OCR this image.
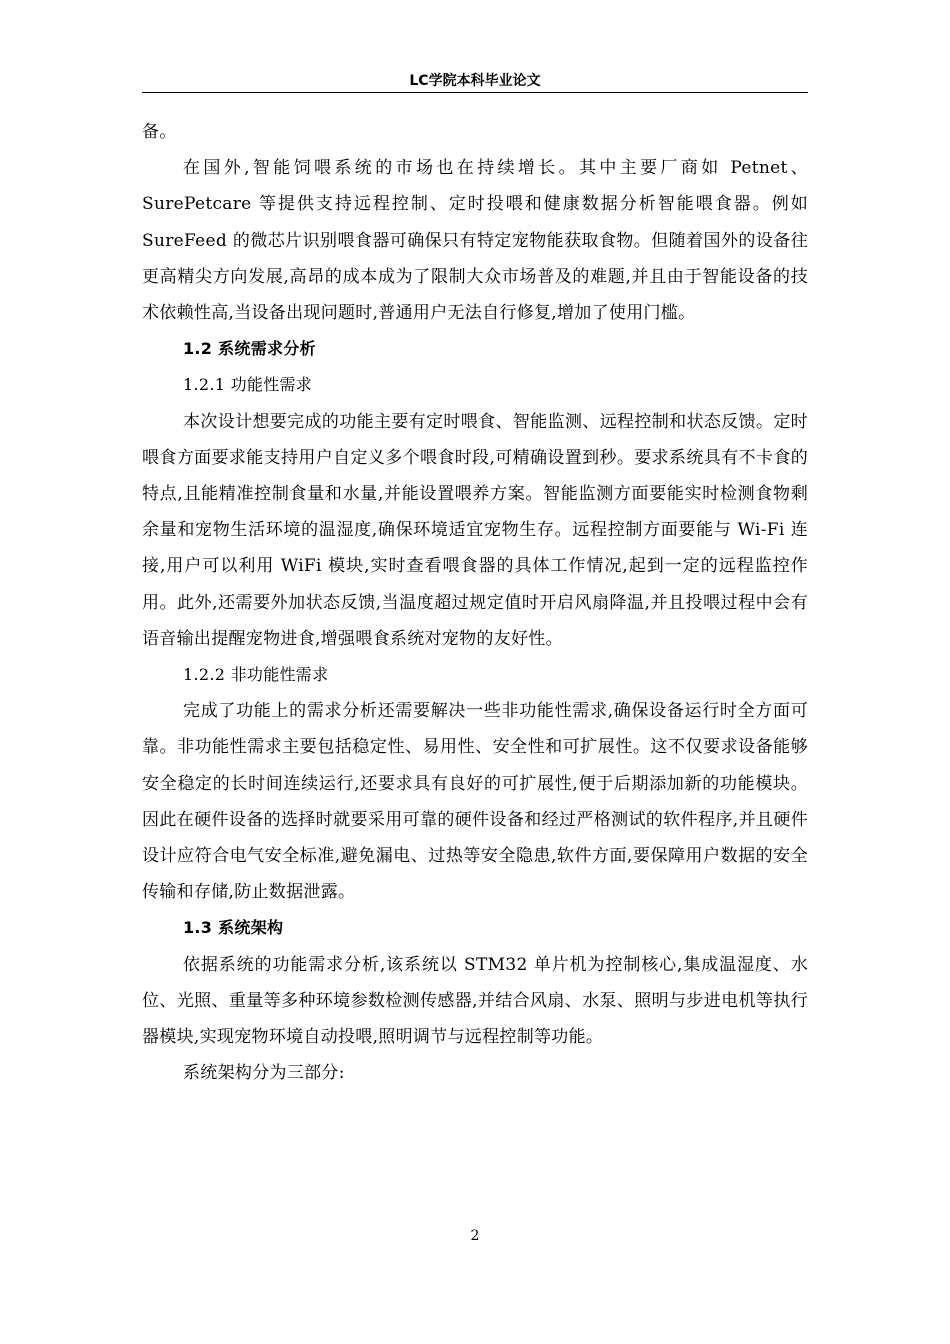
LC学院本科毕业论文

备。

在国外,智能饲喂系统的市场也在持续增长。其中主要厂商如 Petnet、SurePetcare 等提供支持远程控制、定时投喂和健康数据分析智能喂食器。例如 SureFeed 的微芯片识别喂食器可确保只有特定宠物能获取食物。但随着国外的设备往更高精尖方向发展,高昂的成本成为了限制大众市场普及的难题,并且由于智能设备的技术依赖性高,当设备出现问题时,普通用户无法自行修复,增加了使用门槛。

1.2 系统需求分析

1.2.1 功能性需求

本次设计想要完成的功能主要有定时喂食、智能监测、远程控制和状态反馈。定时喂食方面要求能支持用户自定义多个喂食时段,可精确设置到秒。要求系统具有不卡食的特点,且能精准控制食量和水量,并能设置喂养方案。智能监测方面要能实时检测食物剩余量和宠物生活环境的温湿度,确保环境适宜宠物生存。远程控制方面要能与 Wi-Fi 连接,用户可以利用 WiFi 模块,实时查看喂食器的具体工作情况,起到一定的远程监控作用。此外,还需要外加状态反馈,当温度超过规定值时开启风扇降温,并且投喂过程中会有语音输出提醒宠物进食,增强喂食系统对宠物的友好性。

1.2.2 非功能性需求

完成了功能上的需求分析还需要解决一些非功能性需求,确保设备运行时全方面可靠。非功能性需求主要包括稳定性、易用性、安全性和可扩展性。这不仅要求设备能够安全稳定的长时间连续运行,还要求具有良好的可扩展性,便于后期添加新的功能模块。因此在硬件设备的选择时就要采用可靠的硬件设备和经过严格测试的软件程序,并且硬件设计应符合电气安全标准,避免漏电、过热等安全隐患,软件方面,要保障用户数据的安全传输和存储,防止数据泄露。

1.3 系统架构

依据系统的功能需求分析,该系统以 STM32 单片机为控制核心,集成温湿度、水位、光照、重量等多种环境参数检测传感器,并结合风扇、水泵、照明与步进电机等执行器模块,实现宠物环境自动投喂,照明调节与远程控制等功能。

系统架构分为三部分:

2
